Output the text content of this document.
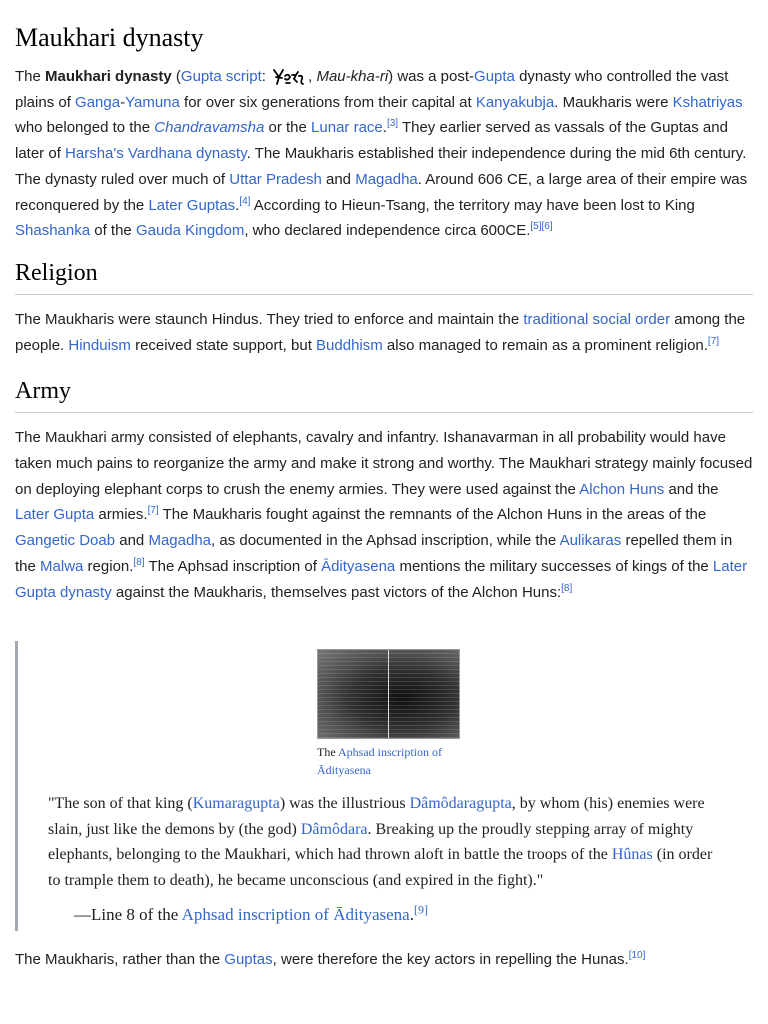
Maukhari dynasty

The Maukhari dynasty (Gupta script:	, Mau-kha-ri) was a post-Gupta dynasty who controlled the vast plains of Ganga-Yamuna for over six generations from their capital at Kanyakubja. Maukharis were Kshatriyas who belonged to the Chandravamsha or the Lunar race.[3] They earlier served as vassals of the Guptas and later of Harsha's Vardhana dynasty. The Maukharis established their independence during the mid 6th century. The dynasty ruled over much of Uttar Pradesh and Magadha. Around 606 CE, a large area of their empire was reconquered by the Later Guptas.[4] According to Hieun-Tsang, the territory may have been lost to King Shashanka of the Gauda Kingdom, who declared independence circa 600CE.[5][6]

Religion

The Maukharis were staunch Hindus. They tried to enforce and maintain the traditional social order among the people. Hinduism received state support, but Buddhism also managed to remain as a prominent religion.[7]

Army

The Maukhari army consisted of elephants, cavalry and infantry. Ishanavarman in all probability would have taken much pains to reorganize the army and make it strong and worthy. The Maukhari strategy mainly focused on deploying elephant corps to crush the enemy armies. They were used against the Alchon Huns and the Later Gupta armies.[7] The Maukharis fought against the remnants of the Alchon Huns in the areas of the Gangetic Doab and Magadha, as documented in the Aphsad inscription, while the Aulikaras repelled them in the Malwa region.[8] The Aphsad inscription of Ādityasena mentions the military successes of kings of the Later Gupta dynasty against the Maukharis, themselves past victors of the Alchon Huns:[8]

The Aphsad inscription of Ādityasena

"The son of that king (Kumaragupta) was the illustrious Dâmôdaragupta, by whom (his) enemies were slain, just like the demons by (the god) Dâmôdara. Breaking up the proudly stepping array of mighty elephants, belonging to the Maukhari, which had thrown aloft in battle the troops of the Hûnas (in order to trample them to death), he became unconscious (and expired in the fight)."

—Line 8 of the Aphsad inscription of Ādityasena.[9]

The Maukharis, rather than the Guptas, were therefore the key actors in repelling the Hunas.[10]
